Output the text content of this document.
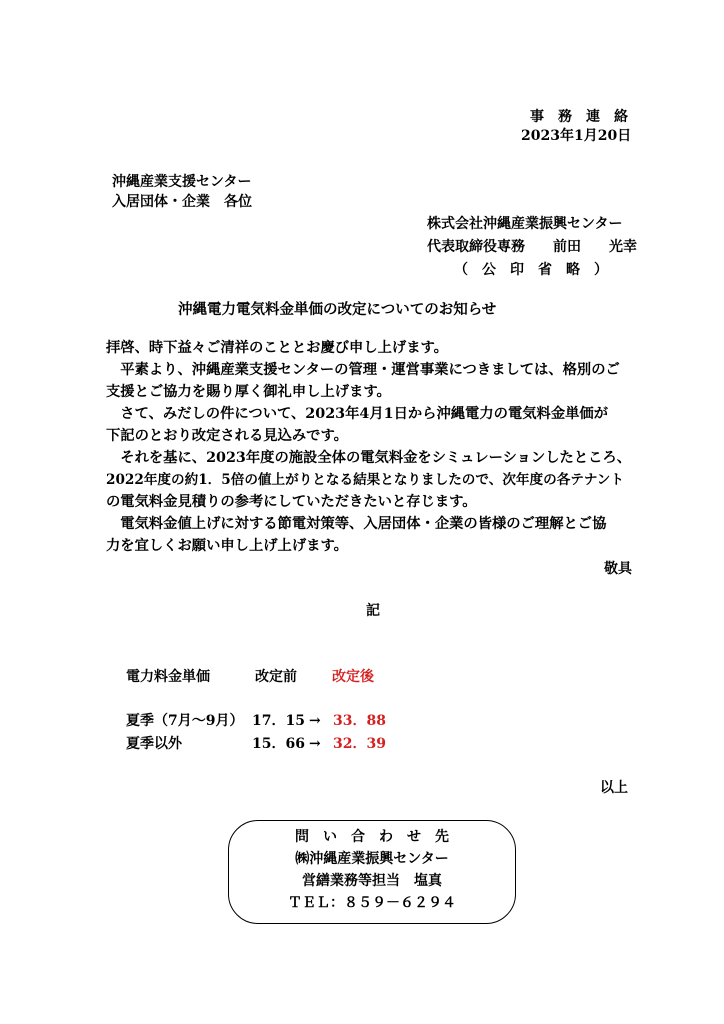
事　務　連　絡
2023年1月20日
沖縄産業支援センター
入居団体・企業　各位
株式会社沖縄産業振興センター
代表取締役専務　　前田　　光幸
（　公　印　省　略　）
沖縄電力電気料金単価の改定についてのお知らせ
拝啓、時下益々ご清祥のこととお慶び申し上げます。
　平素より、沖縄産業支援センターの管理・運営事業につきましては、格別のご
支援とご協力を賜り厚く御礼申し上げます。
　さて、みだしの件について、2023年4月1日から沖縄電力の電気料金単価が
下記のとおり改定される見込みです。
　それを基に、2023年度の施設全体の電気料金をシミュレーションしたところ、
2022年度の約1．5倍の値上がりとなる結果となりましたので、次年度の各テナント
の電気料金見積りの参考にしていただきたいと存じます。
　電気料金値上げに対する節電対策等、入居団体・企業の皆様のご理解とご協
力を宜しくお願い申し上げ上げます。
敬具
記
電力料金単価	改定前	改定後
夏季（7月～9月） 17．15 → 33．88
夏季以外	15．66 → 32．39
以上
問　い　合　わ　せ　先
㈱沖縄産業振興センター
営繕業務等担当　塩真
ＴＥＬ：８５９－６２９４
